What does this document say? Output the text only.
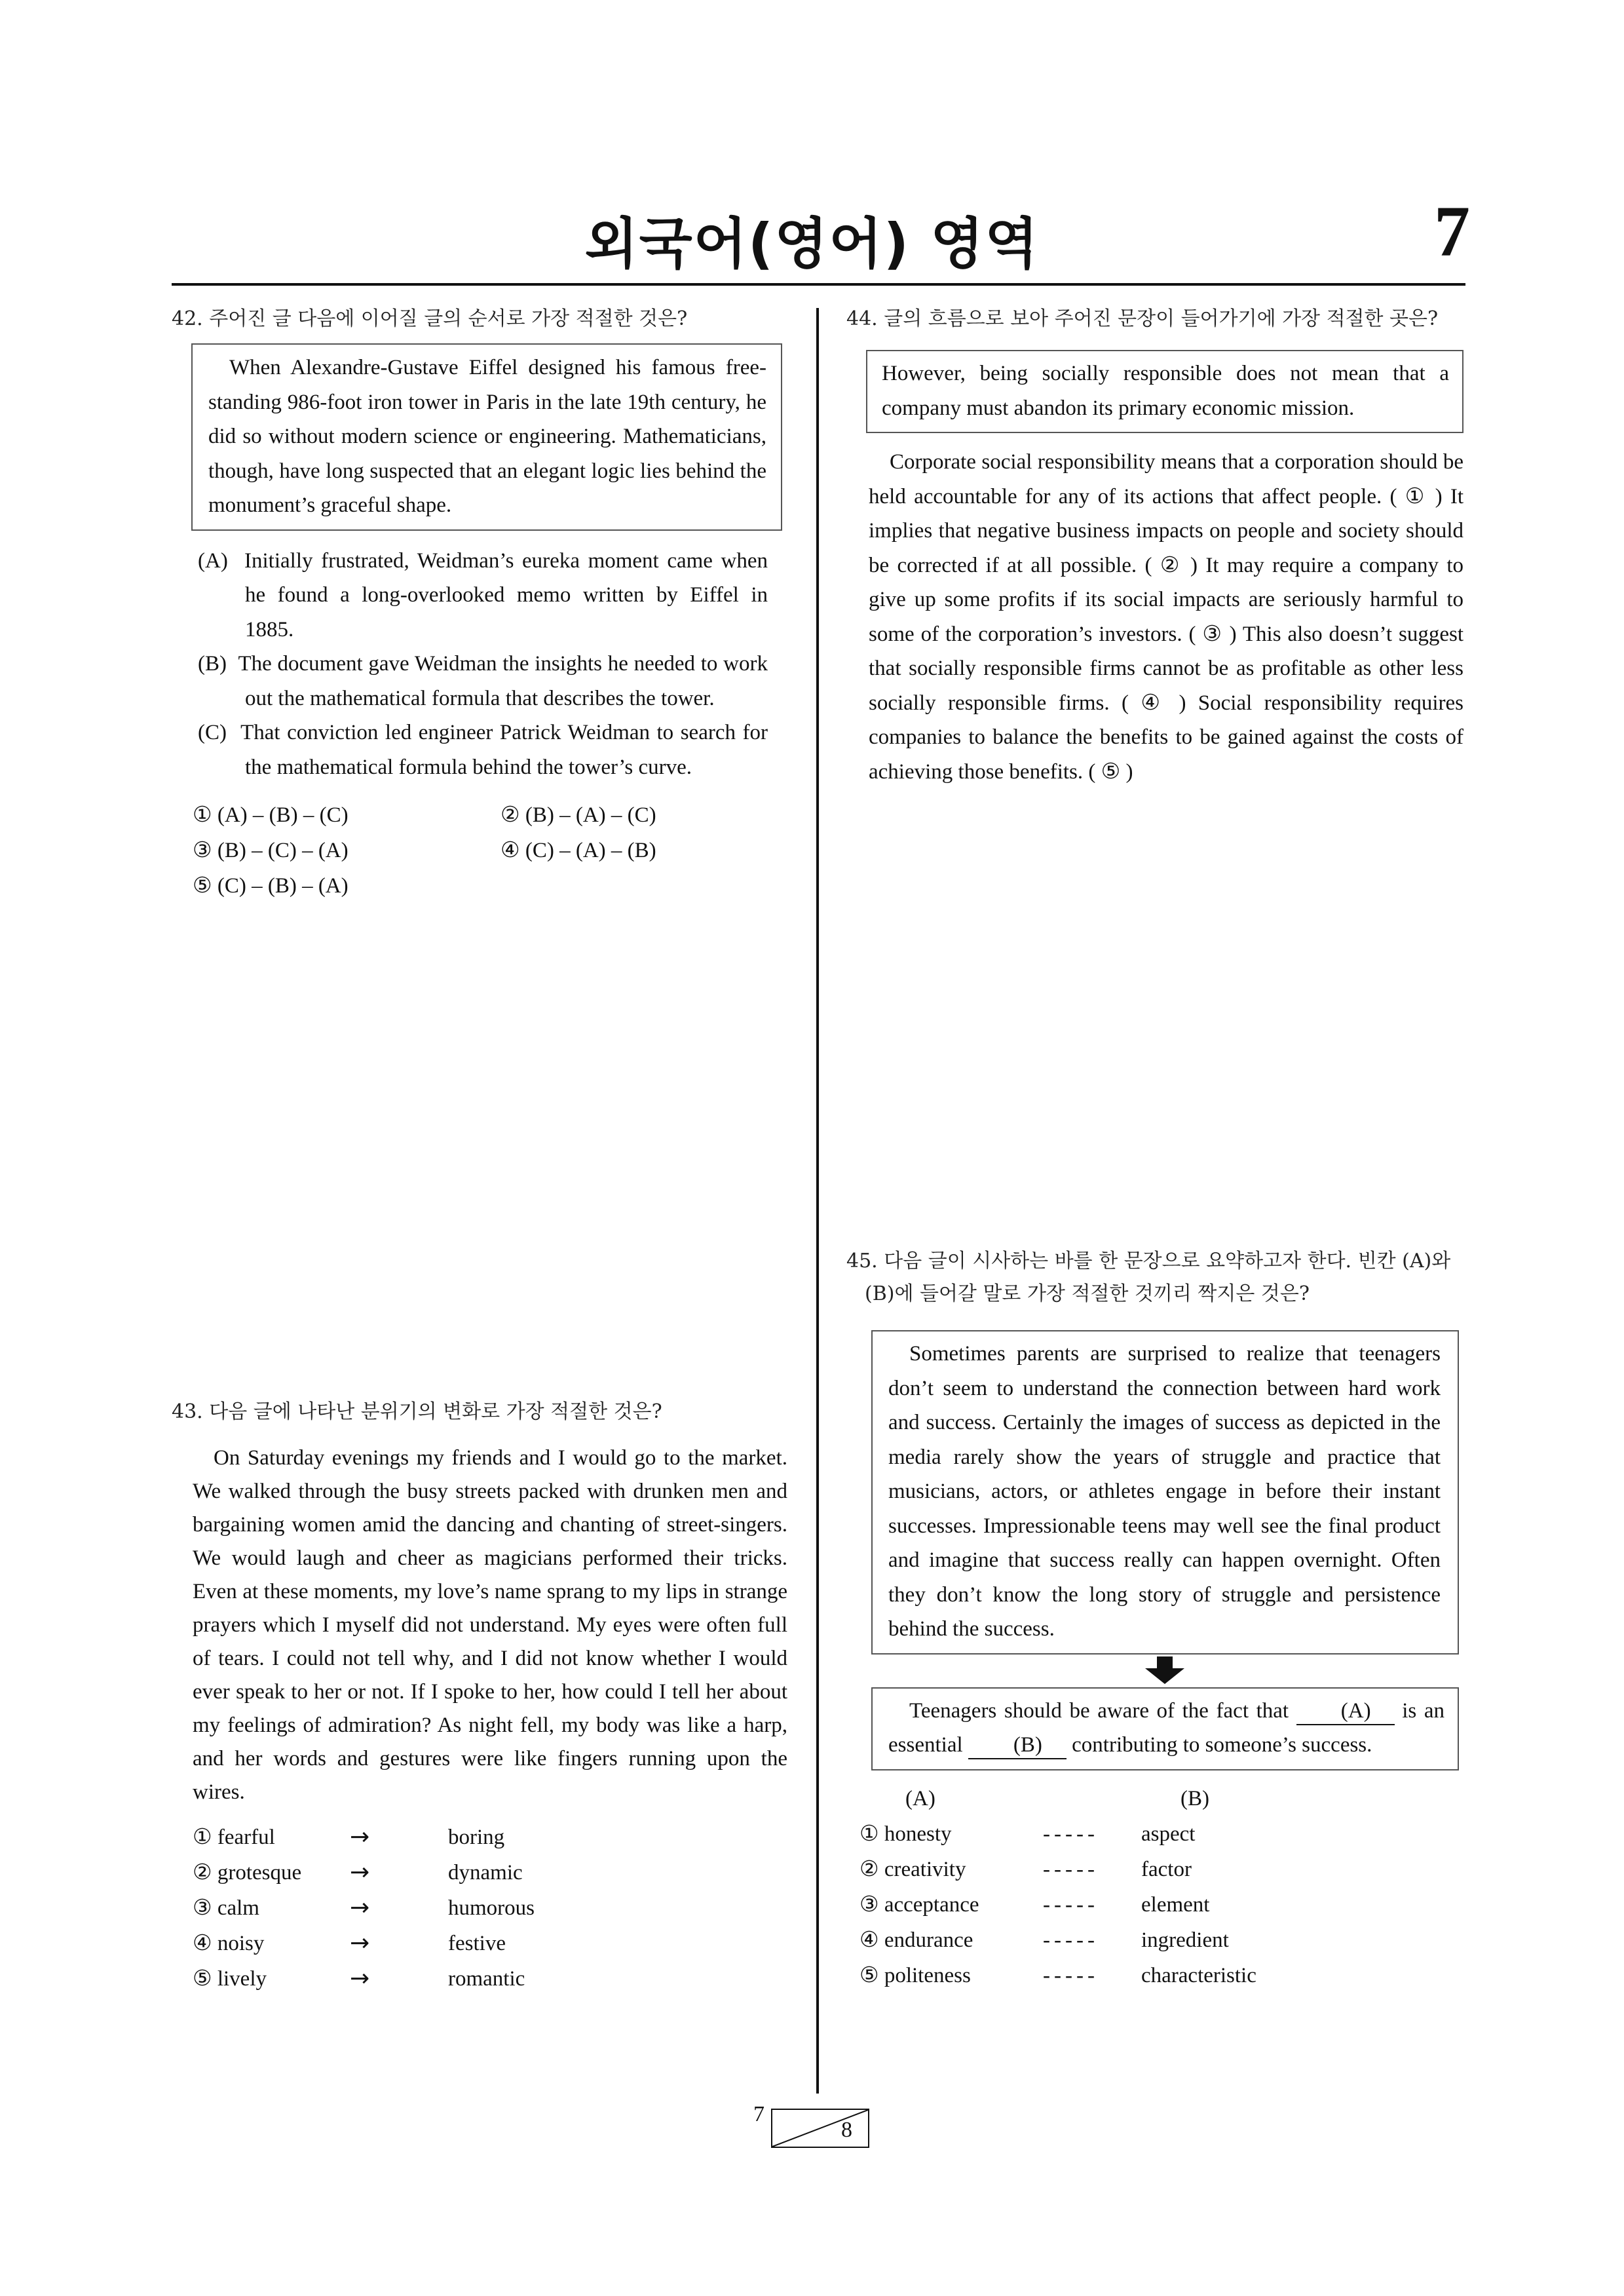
외국어(영어) 영역	7
42. 주어진 글 다음에 이어질 글의 순서로 가장 적절한 것은?
When Alexandre-Gustave Eiffel designed his famous free-standing 986-foot iron tower in Paris in the late 19th century, he did so without modern science or engineering. Mathematicians, though, have long suspected that an elegant logic lies behind the monument’s graceful shape.
(A) Initially frustrated, Weidman’s eureka moment came when he found a long-overlooked memo written by Eiffel in 1885.
(B) The document gave Weidman the insights he needed to work out the mathematical formula that describes the tower.
(C) That conviction led engineer Patrick Weidman to search for the mathematical formula behind the tower’s curve.
① (A) – (B) – (C)	② (B) – (A) – (C)
③ (B) – (C) – (A)	④ (C) – (A) – (B)
⑤ (C) – (B) – (A)
43. 다음 글에 나타난 분위기의 변화로 가장 적절한 것은?
On Saturday evenings my friends and I would go to the market. We walked through the busy streets packed with drunken men and bargaining women amid the dancing and chanting of street-singers. We would laugh and cheer as magicians performed their tricks. Even at these moments, my love’s name sprang to my lips in strange prayers which I myself did not understand. My eyes were often full of tears. I could not tell why, and I did not know whether I would ever speak to her or not. If I spoke to her, how could I tell her about my feelings of admiration? As night fell, my body was like a harp, and her words and gestures were like fingers running upon the wires.
① fearful	→	boring
② grotesque	→	dynamic
③ calm	→	humorous
④ noisy	→	festive
⑤ lively	→	romantic
44. 글의 흐름으로 보아 주어진 문장이 들어가기에 가장 적절한 곳은?
However, being socially responsible does not mean that a company must abandon its primary economic mission.
Corporate social responsibility means that a corporation should be held accountable for any of its actions that affect people. ( ① ) It implies that negative business impacts on people and society should be corrected if at all possible. ( ② ) It may require a company to give up some profits if its social impacts are seriously harmful to some of the corporation’s investors. ( ③ ) This also doesn’t suggest that socially responsible firms cannot be as profitable as other less socially responsible firms. ( ④ ) Social responsibility requires companies to balance the benefits to be gained against the costs of achieving those benefits. ( ⑤ )
45. 다음 글이 시사하는 바를 한 문장으로 요약하고자 한다. 빈칸 (A)와 (B)에 들어갈 말로 가장 적절한 것끼리 짝지은 것은?
Sometimes parents are surprised to realize that teenagers don’t seem to understand the connection between hard work and success. Certainly the images of success as depicted in the media rarely show the years of struggle and practice that musicians, actors, or athletes engage in before their instant successes. Impressionable teens may well see the final product and imagine that success really can happen overnight. Often they don’t know the long story of struggle and persistence behind the success.
Teenagers should be aware of the fact that (A) is an essential (B) contributing to someone’s success.
(A)	(B)
① honesty	-----	aspect
② creativity	-----	factor
③ acceptance	-----	element
④ endurance	-----	ingredient
⑤ politeness	-----	characteristic
7
8
